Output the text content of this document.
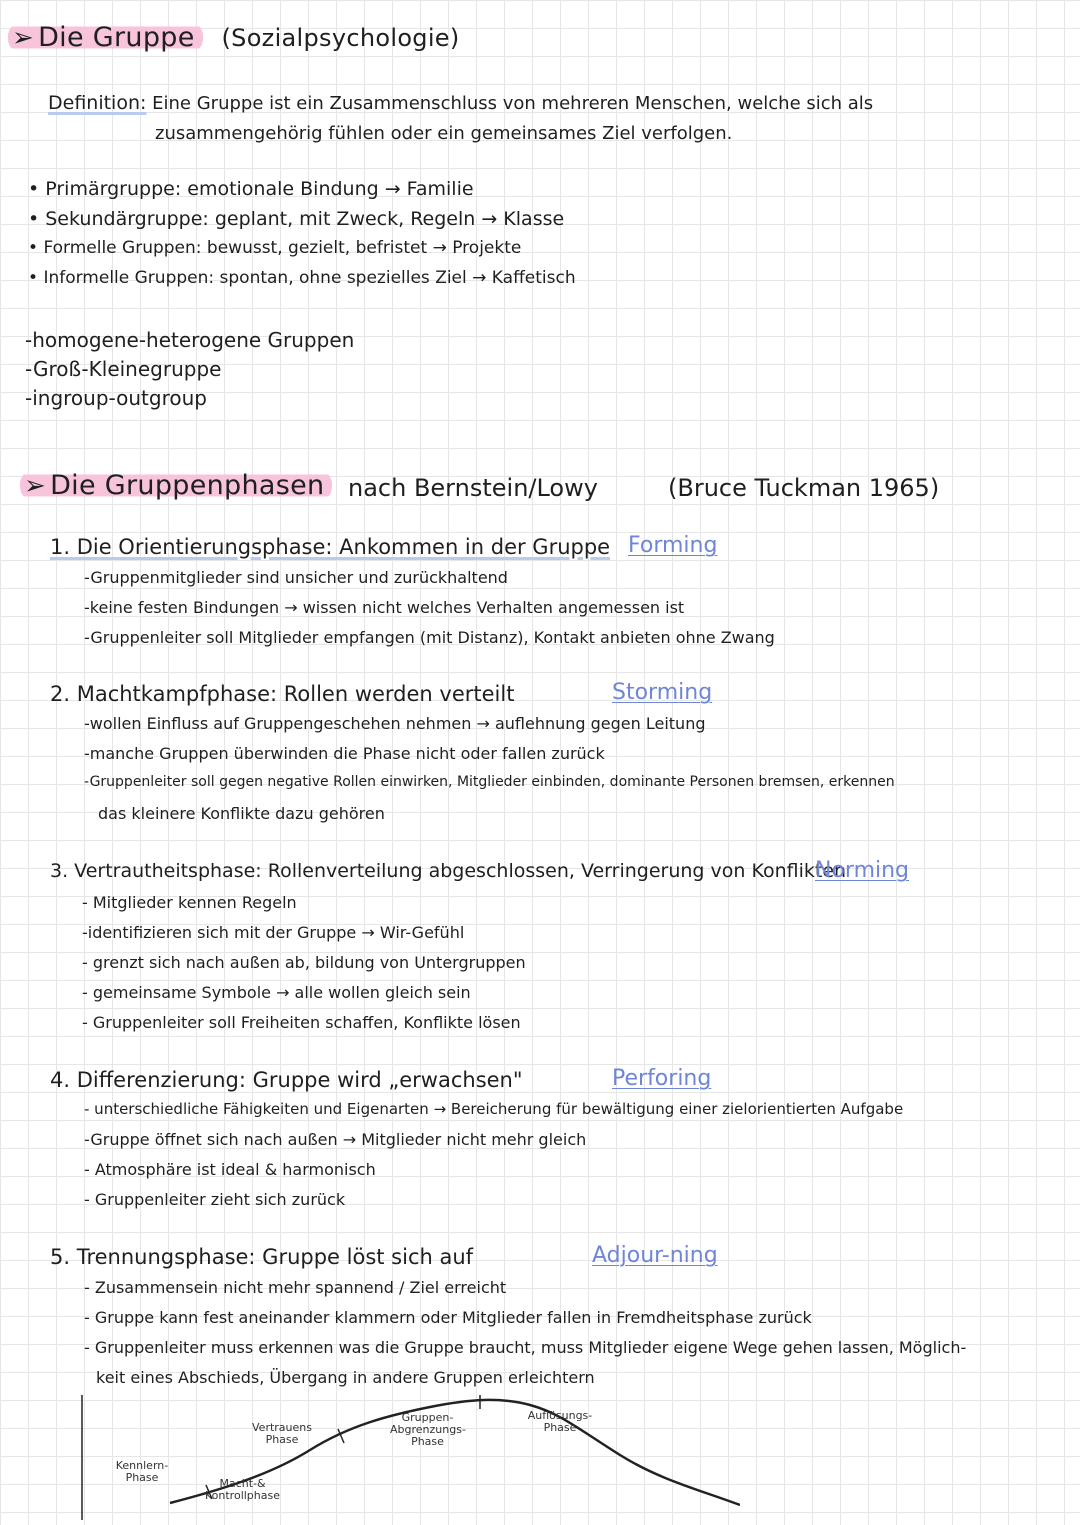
➢ Die Gruppe (Sozialpsychologie)
Definition: Eine Gruppe ist ein Zusammenschluss von mehreren Menschen, welche sich als
zusammengehörig fühlen oder ein gemeinsames Ziel verfolgen.
• Primärgruppe: emotionale Bindung → Familie
• Sekundärgruppe: geplant, mit Zweck, Regeln → Klasse
• Formelle Gruppen: bewusst, gezielt, befristet → Projekte
• Informelle Gruppen: spontan, ohne spezielles Ziel → Kaffetisch
-homogene-heterogene Gruppen
-Groß-Kleinegruppe
-ingroup-outgroup
➢ Die Gruppenphasen nach Bernstein/Lowy	(Bruce Tuckman 1965)
1. Die Orientierungsphase: Ankommen in der Gruppe Forming
-Gruppenmitglieder sind unsicher und zurückhaltend
-keine festen Bindungen → wissen nicht welches Verhalten angemessen ist
-Gruppenleiter soll Mitglieder empfangen (mit Distanz), Kontakt anbieten ohne Zwang
2. Machtkampfphase: Rollen werden verteilt	Storming
-wollen Einfluss auf Gruppengeschehen nehmen → auflehnung gegen Leitung
-manche Gruppen überwinden die Phase nicht oder fallen zurück
-Gruppenleiter soll gegen negative Rollen einwirken, Mitglieder einbinden, dominante Personen bremsen, erkennen
das kleinere Konflikte dazu gehören
3. Vertrautheitsphase: Rollenverteilung abgeschlossen, Verringerung von Konflikten
Norming
- Mitglieder kennen Regeln
-identifizieren sich mit der Gruppe → Wir-Gefühl
- grenzt sich nach außen ab, bildung von Untergruppen
- gemeinsame Symbole → alle wollen gleich sein
- Gruppenleiter soll Freiheiten schaffen, Konflikte lösen
4. Differenzierung: Gruppe wird „erwachsen"	Perforing
- unterschiedliche Fähigkeiten und Eigenarten → Bereicherung für bewältigung einer zielorientierten Aufgabe
-Gruppe öffnet sich nach außen → Mitglieder nicht mehr gleich
- Atmosphäre ist ideal & harmonisch
- Gruppenleiter zieht sich zurück
5. Trennungsphase: Gruppe löst sich auf	Adjour-ning
- Zusammensein nicht mehr spannend / Ziel erreicht
- Gruppe kann fest aneinander klammern oder Mitglieder fallen in Fremdheitsphase zurück
- Gruppenleiter muss erkennen was die Gruppe braucht, muss Mitglieder eigene Wege gehen lassen, Möglich-
keit eines Abschieds, Übergang in andere Gruppen erleichtern
Kennlern-Phase	Macht-& Kontrollphase
Vertrauens Phase
Gruppen-Abgrenzungs-Phase
Auflösungs-Phase
